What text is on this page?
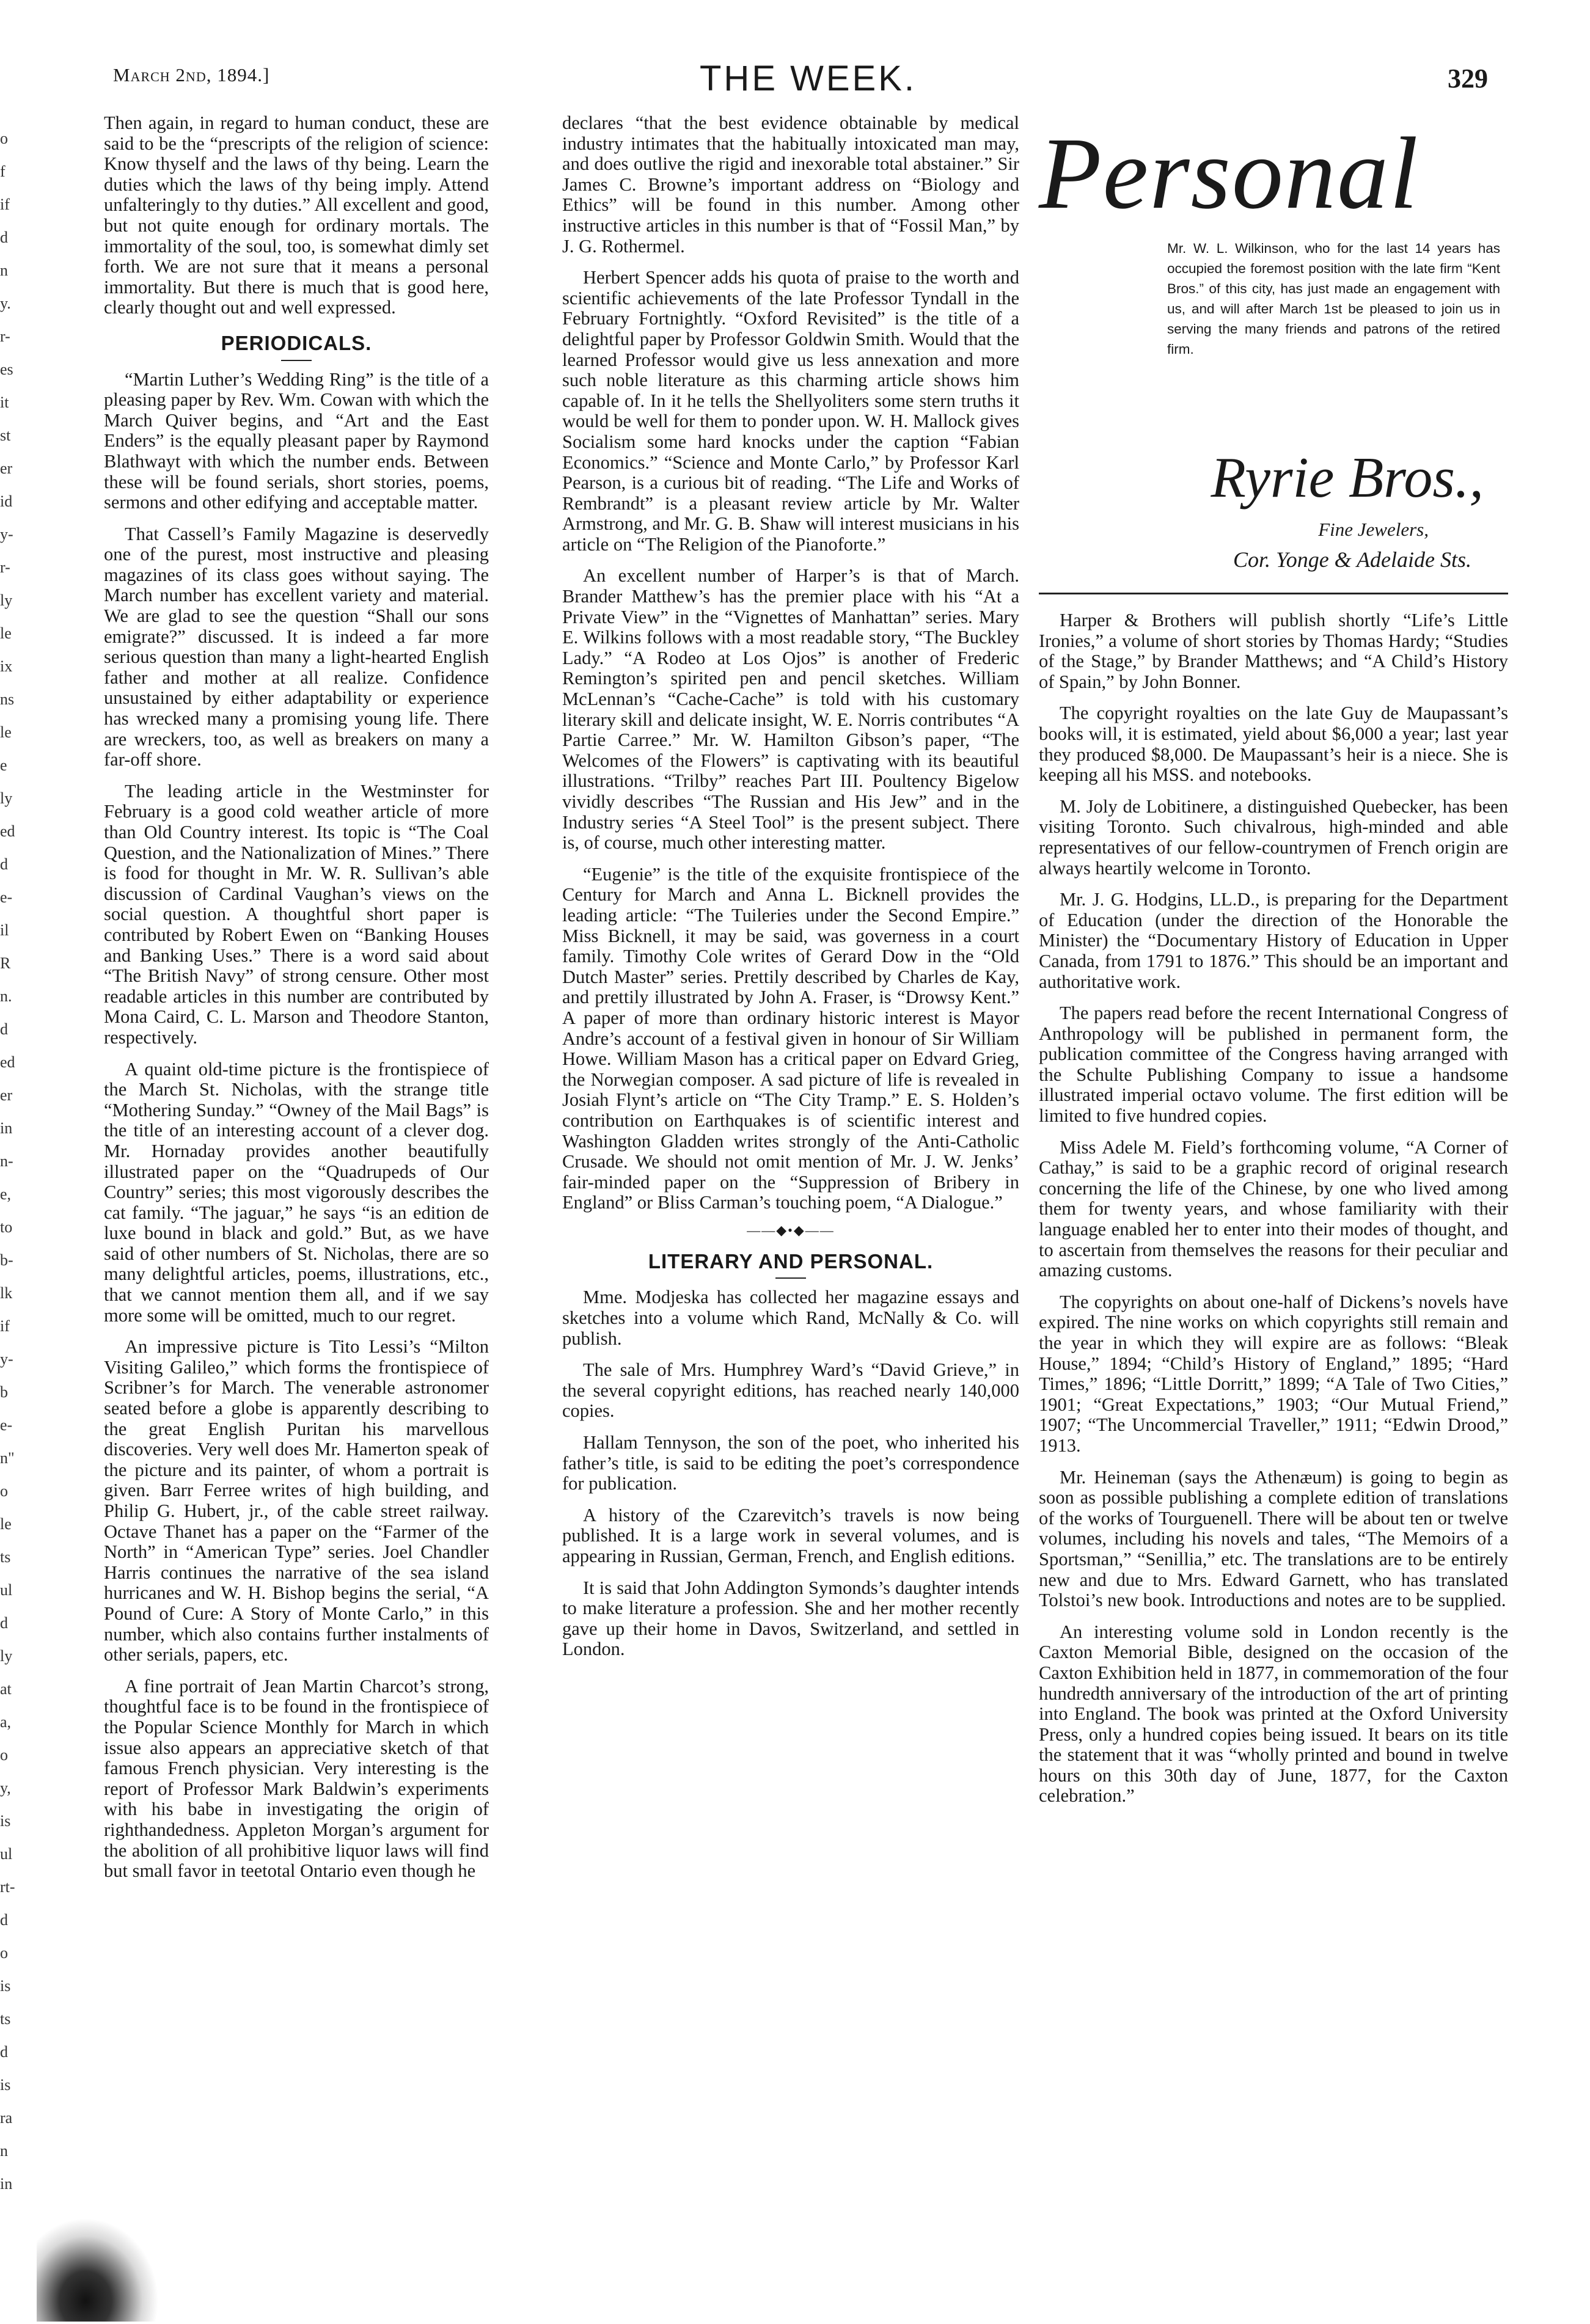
o
f
if
d
n
y.
r-
es
it
st
er
id
y-
r-
ly
le
ix
ns
le
e
ly
ed
d
e-
il
R
n.
d
ed
er
in
n-
e,
to
b-
lk
if
y-
b
e-
n"
o
le
ts
ul
d
ly
at
a,
o
y,
is
ul
rt-
d
o
is
ts
d
is
ra
n
in
March 2nd, 1894.]	THE WEEK.	329

Then again, in regard to human conduct, these are said to be the “prescripts of the religion of science: Know thyself and the laws of thy being. Learn the duties which the laws of thy being imply. Attend unfalteringly to thy duties.” All excellent and good, but not quite enough for ordinary mortals. The immortality of the soul, too, is somewhat dimly set forth. We are not sure that it means a personal immortality. But there is much that is good here, clearly thought out and well expressed.

PERIODICALS.

“Martin Luther’s Wedding Ring” is the title of a pleasing paper by Rev. Wm. Cowan with which the March Quiver begins, and “Art and the East Enders” is the equally pleasant paper by Raymond Blathwayt with which the number ends. Between these will be found serials, short stories, poems, sermons and other edifying and acceptable matter.

That Cassell’s Family Magazine is deservedly one of the purest, most instructive and pleasing magazines of its class goes without saying. The March number has excellent variety and material. We are glad to see the question “Shall our sons emigrate?” discussed. It is indeed a far more serious question than many a light-hearted English father and mother at all realize. Confidence unsustained by either adaptability or experience has wrecked many a promising young life. There are wreckers, too, as well as breakers on many a far-off shore.

The leading article in the Westminster for February is a good cold weather article of more than Old Country interest. Its topic is “The Coal Question, and the Nationalization of Mines.” There is food for thought in Mr. W. R. Sullivan’s able discussion of Cardinal Vaughan’s views on the social question. A thoughtful short paper is contributed by Robert Ewen on “Banking Houses and Banking Uses.” There is a word said about “The British Navy” of strong censure. Other most readable articles in this number are contributed by Mona Caird, C. L. Marson and Theodore Stanton, respectively.

A quaint old-time picture is the frontispiece of the March St. Nicholas, with the strange title “Mothering Sunday.” “Owney of the Mail Bags” is the title of an interesting account of a clever dog. Mr. Hornaday provides another beautifully illustrated paper on the “Quadrupeds of Our Country” series; this most vigorously describes the cat family. “The jaguar,” he says “is an edition de luxe bound in black and gold.” But, as we have said of other numbers of St. Nicholas, there are so many delightful articles, poems, illustrations, etc., that we cannot mention them all, and if we say more some will be omitted, much to our regret.

An impressive picture is Tito Lessi’s “Milton Visiting Galileo,” which forms the frontispiece of Scribner’s for March. The venerable astronomer seated before a globe is apparently describing to the great English Puritan his marvellous discoveries. Very well does Mr. Hamerton speak of the picture and its painter, of whom a portrait is given. Barr Ferree writes of high building, and Philip G. Hubert, jr., of the cable street railway. Octave Thanet has a paper on the “Farmer of the North” in “American Type” series. Joel Chandler Harris continues the narrative of the sea island hurricanes and W. H. Bishop begins the serial, “A Pound of Cure: A Story of Monte Carlo,” in this number, which also contains further instalments of other serials, papers, etc.

A fine portrait of Jean Martin Charcot’s strong, thoughtful face is to be found in the frontispiece of the Popular Science Monthly for March in which issue also appears an appreciative sketch of that famous French physician. Very interesting is the report of Professor Mark Baldwin’s experiments with his babe in investigating the origin of righthandedness. Appleton Morgan’s argument for the abolition of all prohibitive liquor laws will find but small favor in teetotal Ontario even though he

declares “that the best evidence obtainable by medical industry intimates that the habitually intoxicated man may, and does outlive the rigid and inexorable total abstainer.” Sir James C. Browne’s important address on “Biology and Ethics” will be found in this number. Among other instructive articles in this number is that of “Fossil Man,” by J. G. Rothermel.

Herbert Spencer adds his quota of praise to the worth and scientific achievements of the late Professor Tyndall in the February Fortnightly. “Oxford Revisited” is the title of a delightful paper by Professor Goldwin Smith. Would that the learned Professor would give us less annexation and more such noble literature as this charming article shows him capable of. In it he tells the Shellyoliters some stern truths it would be well for them to ponder upon. W. H. Mallock gives Socialism some hard knocks under the caption “Fabian Economics.” “Science and Monte Carlo,” by Professor Karl Pearson, is a curious bit of reading. “The Life and Works of Rembrandt” is a pleasant review article by Mr. Walter Armstrong, and Mr. G. B. Shaw will interest musicians in his article on “The Religion of the Pianoforte.”

An excellent number of Harper’s is that of March. Brander Matthew’s has the premier place with his “At a Private View” in the “Vignettes of Manhattan” series. Mary E. Wilkins follows with a most readable story, “The Buckley Lady.” “A Rodeo at Los Ojos” is another of Frederic Remington’s spirited pen and pencil sketches. William McLennan’s “Cache-Cache” is told with his customary literary skill and delicate insight, W. E. Norris contributes “A Partie Carree.” Mr. W. Hamilton Gibson’s paper, “The Welcomes of the Flowers” is captivating with its beautiful illustrations. “Trilby” reaches Part III. Poultency Bigelow vividly describes “The Russian and His Jew” and in the Industry series “A Steel Tool” is the present subject. There is, of course, much other interesting matter.

“Eugenie” is the title of the exquisite frontispiece of the Century for March and Anna L. Bicknell provides the leading article: “The Tuileries under the Second Empire.” Miss Bicknell, it may be said, was governess in a court family. Timothy Cole writes of Gerard Dow in the “Old Dutch Master” series. Prettily described by Charles de Kay, and prettily illustrated by John A. Fraser, is “Drowsy Kent.” A paper of more than ordinary historic interest is Mayor Andre’s account of a festival given in honour of Sir William Howe. William Mason has a critical paper on Edvard Grieg, the Norwegian composer. A sad picture of life is revealed in Josiah Flynt’s article on “The City Tramp.” E. S. Holden’s contribution on Earthquakes is of scientific interest and Washington Gladden writes strongly of the Anti-Catholic Crusade. We should not omit mention of Mr. J. W. Jenks’ fair-minded paper on the “Suppression of Bribery in England” or Bliss Carman’s touching poem, “A Dialogue.”

——◆•◆——
LITERARY AND PERSONAL.

Mme. Modjeska has collected her magazine essays and sketches into a volume which Rand, McNally & Co. will publish.

The sale of Mrs. Humphrey Ward’s “David Grieve,” in the several copyright editions, has reached nearly 140,000 copies.

Hallam Tennyson, the son of the poet, who inherited his father’s title, is said to be editing the poet’s correspondence for publication.

A history of the Czarevitch’s travels is now being published. It is a large work in several volumes, and is appearing in Russian, German, French, and English editions.

It is said that John Addington Symonds’s daughter intends to make literature a profession. She and her mother recently gave up their home in Davos, Switzerland, and settled in London.

Personal
Mr. W. L. Wilkinson, who for the last 14 years has occupied the foremost position with the late firm “Kent Bros.” of this city, has just made an engagement with us, and will after March 1st be pleased to join us in serving the many friends and patrons of the retired firm.
Ryrie Bros.,
Fine Jewelers,
Cor. Yonge & Adelaide Sts.

Harper & Brothers will publish shortly “Life’s Little Ironies,” a volume of short stories by Thomas Hardy; “Studies of the Stage,” by Brander Matthews; and “A Child’s History of Spain,” by John Bonner.

The copyright royalties on the late Guy de Maupassant’s books will, it is estimated, yield about $6,000 a year; last year they produced $8,000. De Maupassant’s heir is a niece. She is keeping all his MSS. and notebooks.

M. Joly de Lobitinere, a distinguished Quebecker, has been visiting Toronto. Such chivalrous, high-minded and able representatives of our fellow-countrymen of French origin are always heartily welcome in Toronto.

Mr. J. G. Hodgins, LL.D., is preparing for the Department of Education (under the direction of the Honorable the Minister) the “Documentary History of Education in Upper Canada, from 1791 to 1876.” This should be an important and authoritative work.

The papers read before the recent International Congress of Anthropology will be published in permanent form, the publication committee of the Congress having arranged with the Schulte Publishing Company to issue a handsome illustrated imperial octavo volume. The first edition will be limited to five hundred copies.

Miss Adele M. Field’s forthcoming volume, “A Corner of Cathay,” is said to be a graphic record of original research concerning the life of the Chinese, by one who lived among them for twenty years, and whose familiarity with their language enabled her to enter into their modes of thought, and to ascertain from themselves the reasons for their peculiar and amazing customs.

The copyrights on about one-half of Dickens’s novels have expired. The nine works on which copyrights still remain and the year in which they will expire are as follows: “Bleak House,” 1894; “Child’s History of England,” 1895; “Hard Times,” 1896; “Little Dorritt,” 1899; “A Tale of Two Cities,” 1901; “Great Expectations,” 1903; “Our Mutual Friend,” 1907; “The Uncommercial Traveller,” 1911; “Edwin Drood,” 1913.

Mr. Heineman (says the Athenæum) is going to begin as soon as possible publishing a complete edition of translations of the works of Tourguenell. There will be about ten or twelve volumes, including his novels and tales, “The Memoirs of a Sportsman,” “Senillia,” etc. The translations are to be entirely new and due to Mrs. Edward Garnett, who has translated Tolstoi’s new book. Introductions and notes are to be supplied.

An interesting volume sold in London recently is the Caxton Memorial Bible, designed on the occasion of the Caxton Exhibition held in 1877, in commemoration of the four hundredth anniversary of the introduction of the art of printing into England. The book was printed at the Oxford University Press, only a hundred copies being issued. It bears on its title the statement that it was “wholly printed and bound in twelve hours on this 30th day of June, 1877, for the Caxton celebration.”
